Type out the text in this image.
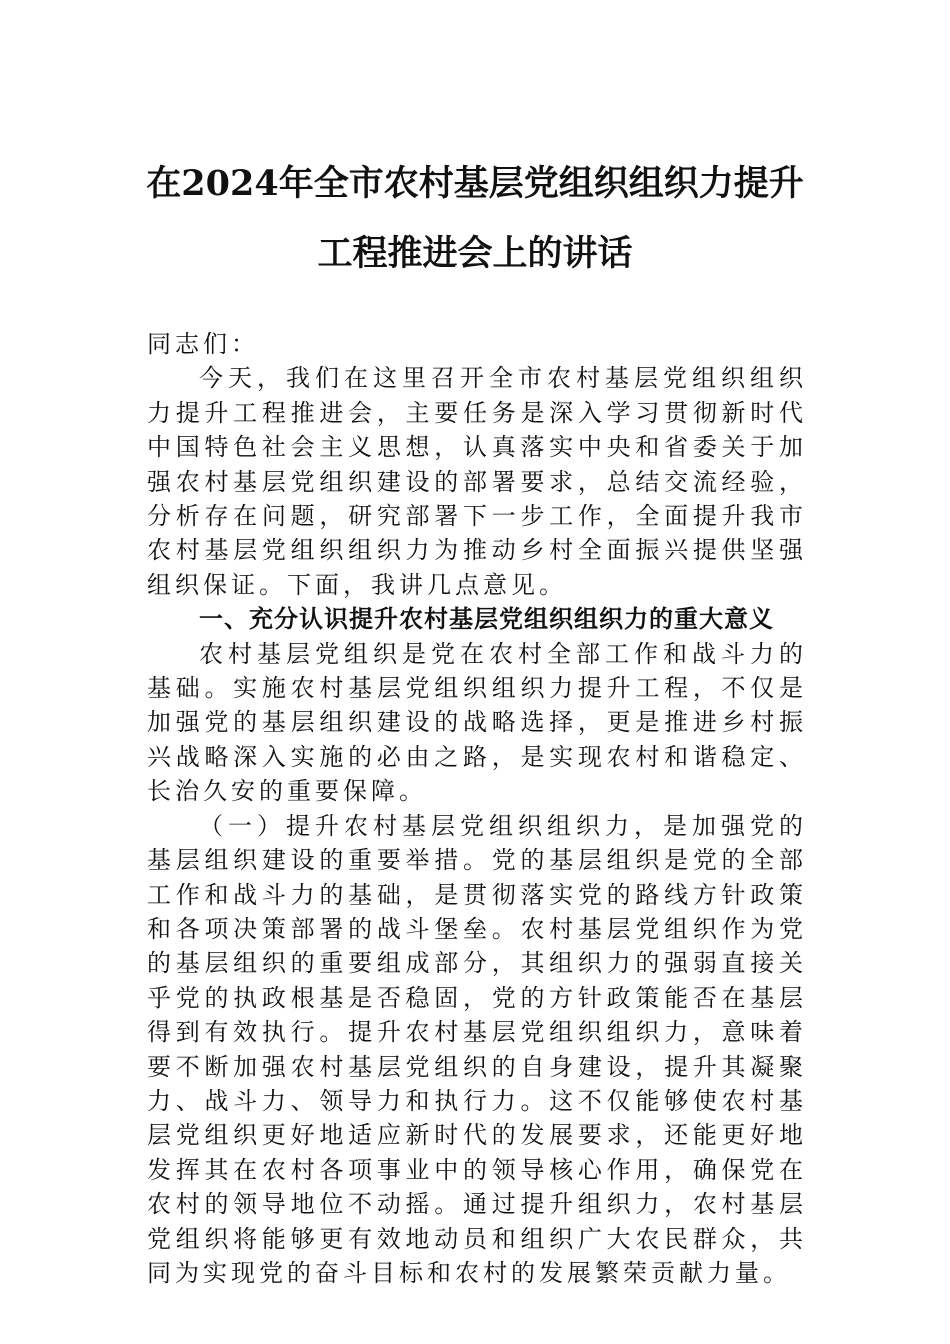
在2024年全市农村基层党组织组织力提升
工程推进会上的讲话

同志们：

今天，我们在这里召开全市农村基层党组织组织力提升工程推进会，主要任务是深入学习贯彻新时代中国特色社会主义思想，认真落实中央和省委关于加强农村基层党组织建设的部署要求，总结交流经验，分析存在问题，研究部署下一步工作，全面提升我市农村基层党组织组织力为推动乡村全面振兴提供坚强组织保证。下面，我讲几点意见。

一、充分认识提升农村基层党组织组织力的重大意义

农村基层党组织是党在农村全部工作和战斗力的基础。实施农村基层党组织组织力提升工程，不仅是加强党的基层组织建设的战略选择，更是推进乡村振兴战略深入实施的必由之路，是实现农村和谐稳定、长治久安的重要保障。

（一）提升农村基层党组织组织力，是加强党的基层组织建设的重要举措。党的基层组织是党的全部工作和战斗力的基础，是贯彻落实党的路线方针政策和各项决策部署的战斗堡垒。农村基层党组织作为党的基层组织的重要组成部分，其组织力的强弱直接关乎党的执政根基是否稳固，党的方针政策能否在基层得到有效执行。提升农村基层党组织组织力，意味着要不断加强农村基层党组织的自身建设，提升其凝聚力、战斗力、领导力和执行力。这不仅能够使农村基层党组织更好地适应新时代的发展要求，还能更好地发挥其在农村各项事业中的领导核心作用，确保党在农村的领导地位不动摇。通过提升组织力，农村基层党组织将能够更有效地动员和组织广大农民群众，共同为实现党的奋斗目标和农村的发展繁荣贡献力量。
